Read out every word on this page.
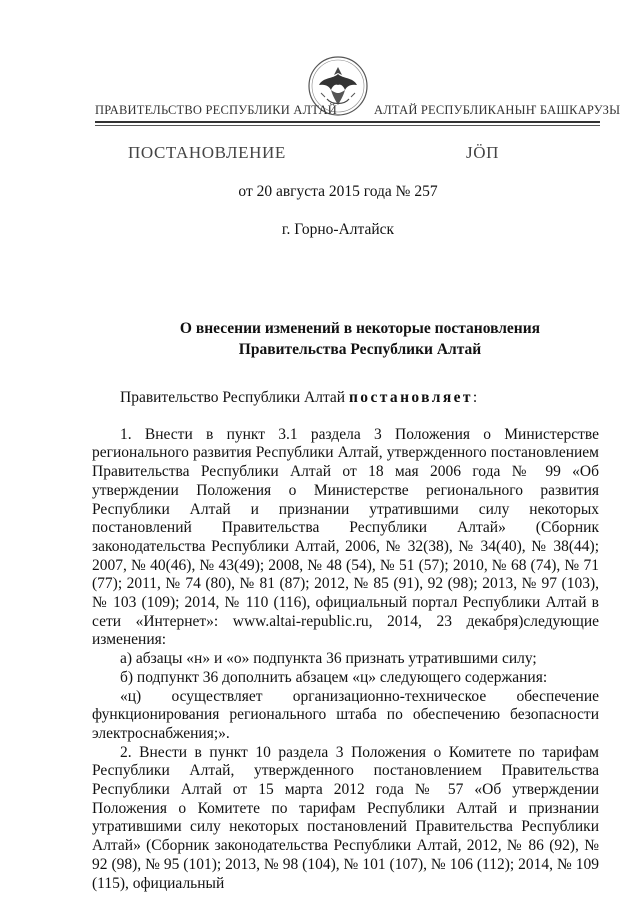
ПРАВИТЕЛЬСТВО РЕСПУБЛИКИ АЛТАЙ	АЛТАЙ РЕСПУБЛИКАНЫҤ БАШКАРУЗЫ
ПОСТАНОВЛЕНИЕ	JÖП
от 20 августа 2015 года № 257
г. Горно-Алтайск
О внесении изменений в некоторые постановления
Правительства Республики Алтай

Правительство Республики Алтай постановляет:

1. Внести в пункт 3.1 раздела 3 Положения о Министерстве регионального развития Республики Алтай, утвержденного постановлением Правительства Республики Алтай от 18 мая 2006 года № 99 «Об утверждении Положения о Министерстве регионального развития Республики Алтай и признании утратившими силу некоторых постановлений Правительства Республики Алтай» (Сборник законодательства Республики Алтай, 2006, № 32(38), № 34(40), № 38(44); 2007, № 40(46), № 43(49); 2008, № 48 (54), № 51 (57); 2010, № 68 (74), № 71 (77); 2011, № 74 (80), № 81 (87); 2012, № 85 (91), 92 (98); 2013, № 97 (103), № 103 (109); 2014, № 110 (116), официальный портал Республики Алтай в сети «Интернет»: www.altai-republic.ru, 2014, 23 декабря)следующие изменения:

а) абзацы «н» и «о» подпункта 36 признать утратившими силу;

б) подпункт 36 дополнить абзацем «ц» следующего содержания:

«ц) осуществляет организационно-техническое обеспечение функционирования регионального штаба по обеспечению безопасности электроснабжения;».

2. Внести в пункт 10 раздела 3 Положения о Комитете по тарифам Республики Алтай, утвержденного постановлением Правительства Республики Алтай от 15 марта 2012 года № 57 «Об утверждении Положения о Комитете по тарифам Республики Алтай и признании утратившими силу некоторых постановлений Правительства Республики Алтай» (Сборник законодательства Республики Алтай, 2012, № 86 (92), № 92 (98), № 95 (101); 2013, № 98 (104), № 101 (107), № 106 (112); 2014, № 109 (115), официальный
